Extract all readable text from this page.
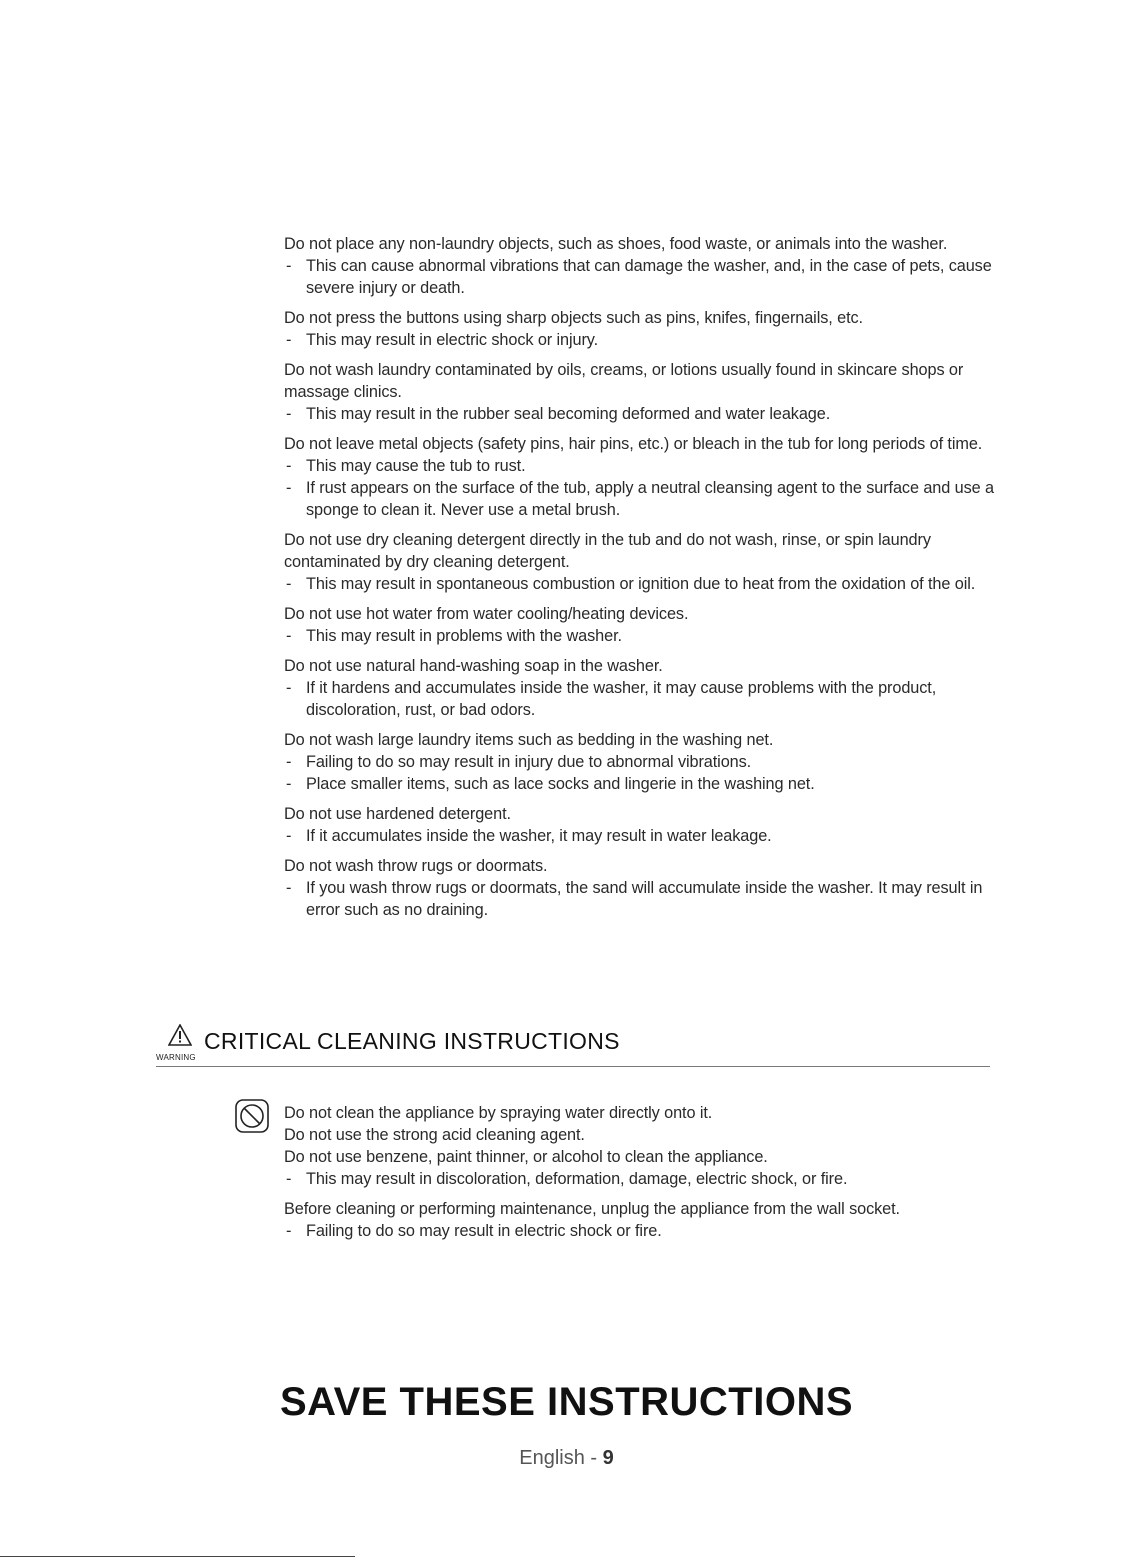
Do not place any non-laundry objects, such as shoes, food waste, or animals into the washer.

- This can cause abnormal vibrations that can damage the washer, and, in the case of pets, cause severe injury or death.

Do not press the buttons using sharp objects such as pins, knifes, fingernails, etc.

- This may result in electric shock or injury.

Do not wash laundry contaminated by oils, creams, or lotions usually found in skincare shops or massage clinics.

- This may result in the rubber seal becoming deformed and water leakage.

Do not leave metal objects (safety pins, hair pins, etc.) or bleach in the tub for long periods of time.

- This may cause the tub to rust.

- If rust appears on the surface of the tub, apply a neutral cleansing agent to the surface and use a sponge to clean it. Never use a metal brush.

Do not use dry cleaning detergent directly in the tub and do not wash, rinse, or spin laundry contaminated by dry cleaning detergent.

- This may result in spontaneous combustion or ignition due to heat from the oxidation of the oil.

Do not use hot water from water cooling/heating devices.

- This may result in problems with the washer.

Do not use natural hand-washing soap in the washer.

- If it hardens and accumulates inside the washer, it may cause problems with the product, discoloration, rust, or bad odors.

Do not wash large laundry items such as bedding in the washing net.

- Failing to do so may result in injury due to abnormal vibrations.

- Place smaller items, such as lace socks and lingerie in the washing net.

Do not use hardened detergent.

- If it accumulates inside the washer, it may result in water leakage.

Do not wash throw rugs or doormats.

- If you wash throw rugs or doormats, the sand will accumulate inside the washer. It may result in error such as no draining.

WARNING
CRITICAL CLEANING INSTRUCTIONS

Do not clean the appliance by spraying water directly onto it.

Do not use the strong acid cleaning agent.

Do not use benzene, paint thinner, or alcohol to clean the appliance.

- This may result in discoloration, deformation, damage, electric shock, or fire.

Before cleaning or performing maintenance, unplug the appliance from the wall socket.

- Failing to do so may result in electric shock or fire.

SAVE THESE INSTRUCTIONS
English - 9
